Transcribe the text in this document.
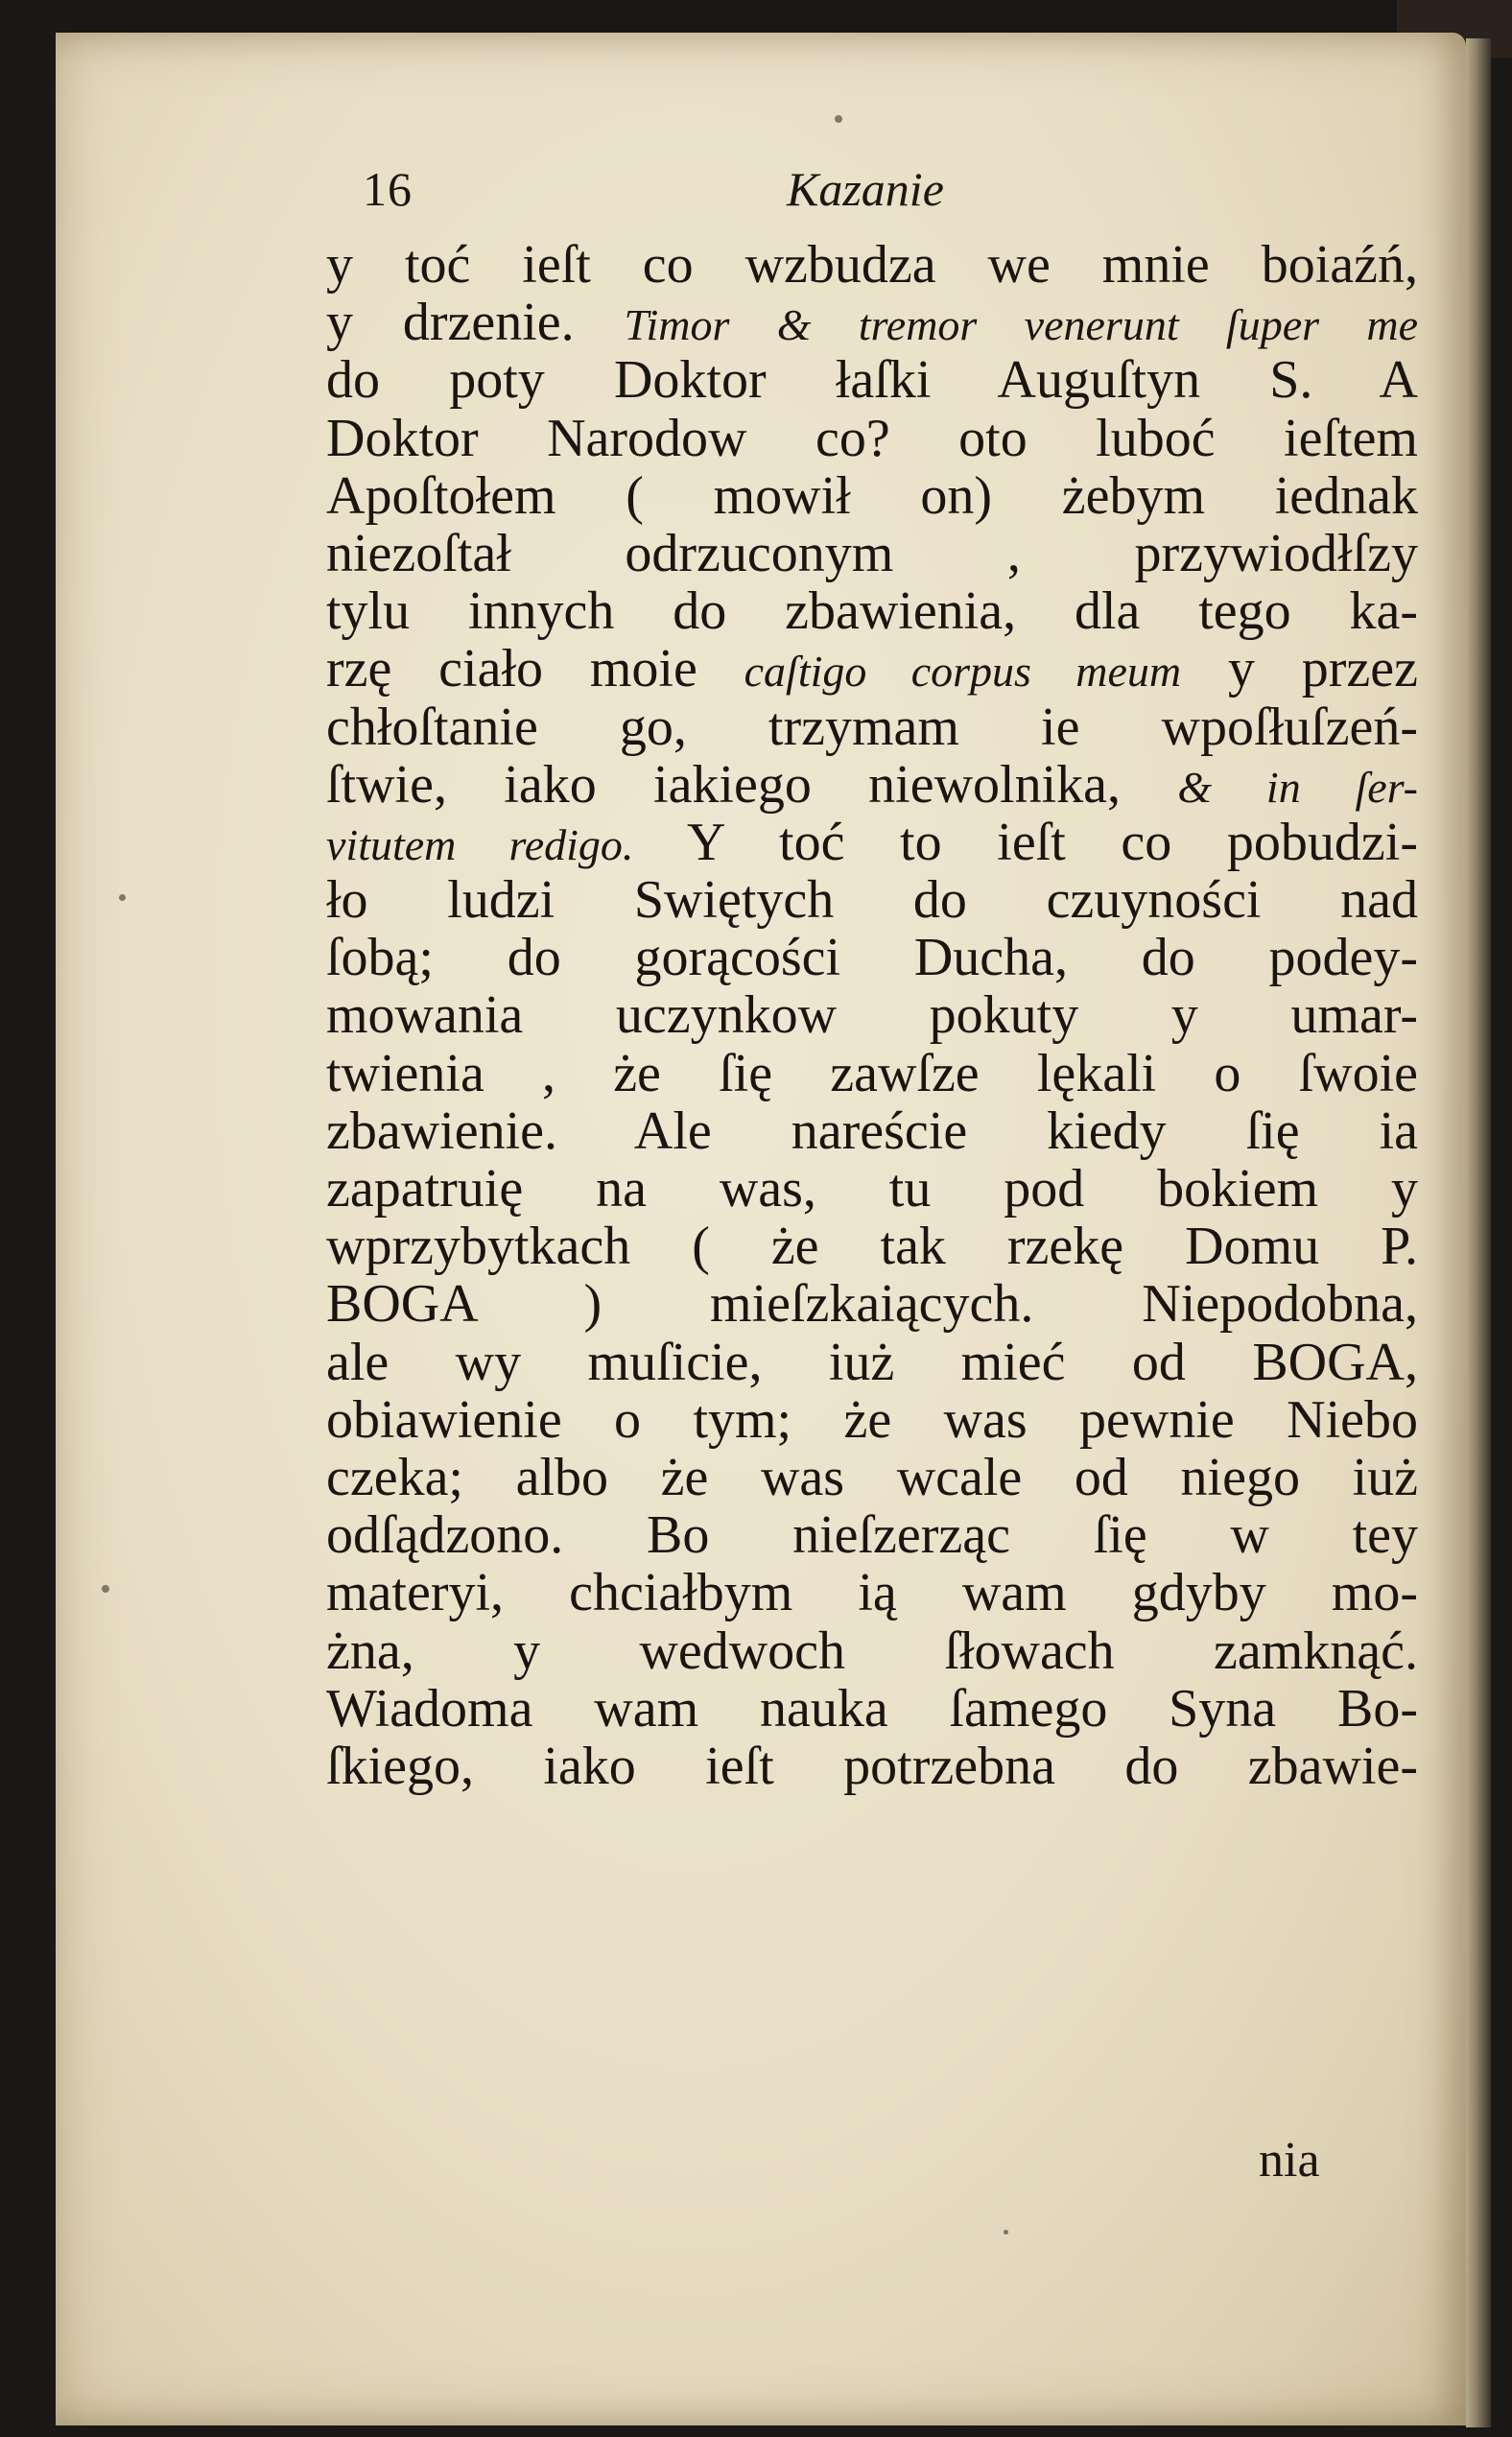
16	Kazanie
y toć ieſt co wzbudza we mnie boiaźń,
y drzenie. Timor & tremor venerunt ſuper me
do poty Doktor łaſki Auguſtyn S. A
Doktor Narodow co? oto luboć ieſtem
Apoſtołem ( mowił on) żebym iednak
niezoſtał odrzuconym , przywiodłſzy
tylu innych do zbawienia, dla tego ka-
rzę ciało moie caſtigo corpus meum y przez
chłoſtanie go, trzymam ie wpoſłuſzeń-
ſtwie, iako iakiego niewolnika, & in ſer-
vitutem redigo. Y toć to ieſt co pobudzi-
ło ludzi Swiętych do czuyności nad
ſobą; do gorącości Ducha, do podey-
mowania uczynkow pokuty y umar-
twienia , że ſię zawſze lękali o ſwoie
zbawienie. Ale nareście kiedy ſię ia
zapatruię na was, tu pod bokiem y
wprzybytkach ( że tak rzekę Domu P.
BOGA ) mieſzkaiących. Niepodobna,
ale wy muſicie, iuż mieć od BOGA,
obiawienie o tym; że was pewnie Niebo
czeka; albo że was wcale od niego iuż
odſądzono. Bo nieſzerząc ſię w tey
materyi, chciałbym ią wam gdyby mo-
żna, y wedwoch ſłowach zamknąć.
Wiadoma wam nauka ſamego Syna Bo-
ſkiego, iako ieſt potrzebna do zbawie-
nia
